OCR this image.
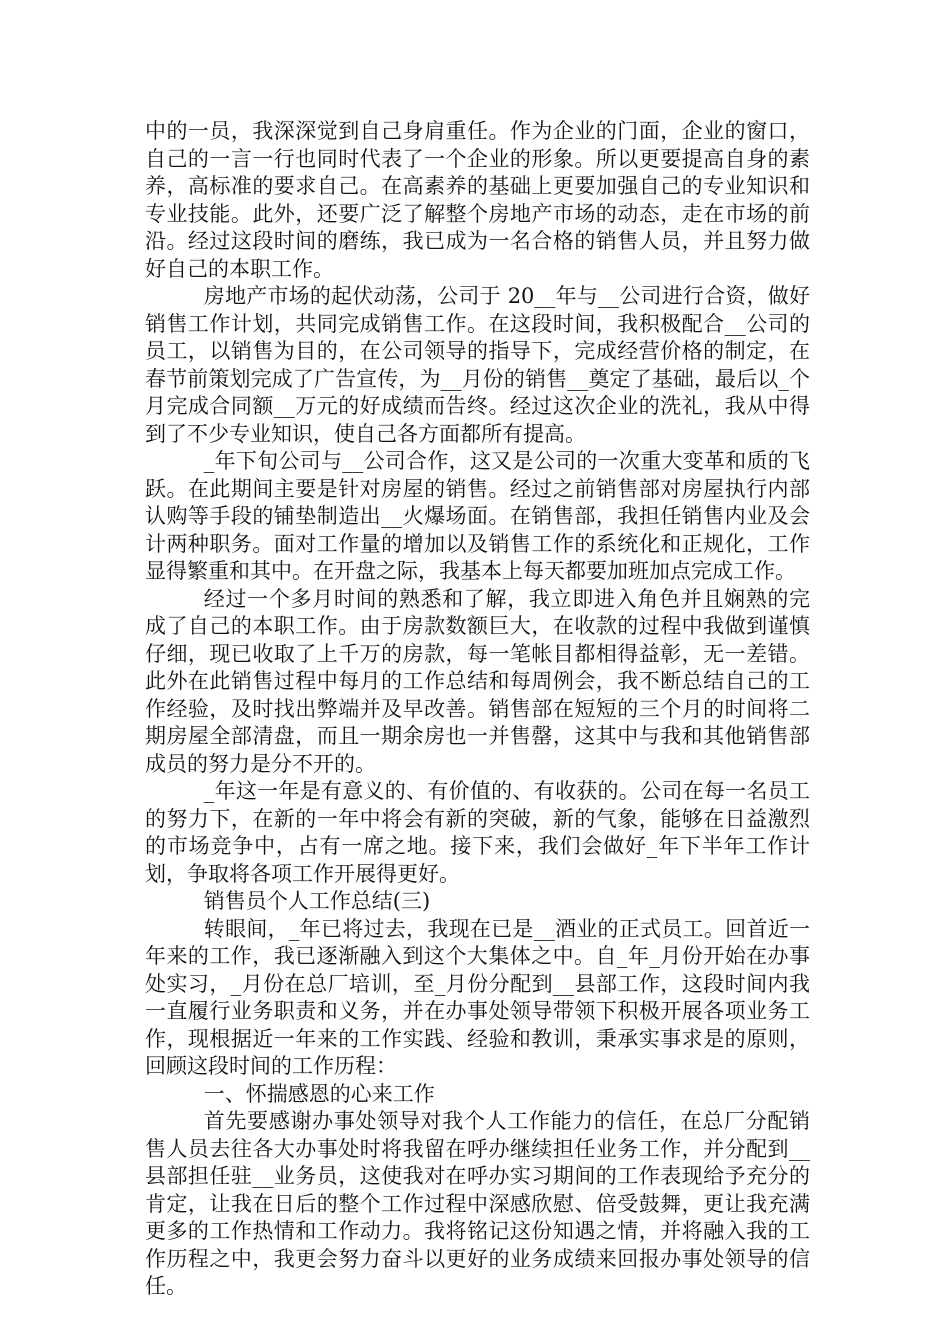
中的一员，我深深觉到自己身肩重任。作为企业的门面，企业的窗口，自己的一言一行也同时代表了一个企业的形象。所以更要提高自身的素养，高标准的要求自己。在高素养的基础上更要加强自己的专业知识和专业技能。此外，还要广泛了解整个房地产市场的动态，走在市场的前沿。经过这段时间的磨练，我已成为一名合格的销售人员，并且努力做好自己的本职工作。

房地产市场的起伏动荡，公司于 20__年与__公司进行合资，做好销售工作计划，共同完成销售工作。在这段时间，我积极配合__公司的员工，以销售为目的，在公司领导的指导下，完成经营价格的制定，在春节前策划完成了广告宣传，为__月份的销售__奠定了基础，最后以_个月完成合同额__万元的好成绩而告终。经过这次企业的洗礼，我从中得到了不少专业知识，使自己各方面都所有提高。

_年下旬公司与__公司合作，这又是公司的一次重大变革和质的飞跃。在此期间主要是针对房屋的销售。经过之前销售部对房屋执行内部认购等手段的铺垫制造出__火爆场面。在销售部，我担任销售内业及会计两种职务。面对工作量的增加以及销售工作的系统化和正规化，工作显得繁重和其中。在开盘之际，我基本上每天都要加班加点完成工作。

经过一个多月时间的熟悉和了解，我立即进入角色并且娴熟的完成了自己的本职工作。由于房款数额巨大，在收款的过程中我做到谨慎仔细，现已收取了上千万的房款，每一笔帐目都相得益彰，无一差错。此外在此销售过程中每月的工作总结和每周例会，我不断总结自己的工作经验，及时找出弊端并及早改善。销售部在短短的三个月的时间将二期房屋全部清盘，而且一期余房也一并售罄，这其中与我和其他销售部成员的努力是分不开的。

_年这一年是有意义的、有价值的、有收获的。公司在每一名员工的努力下，在新的一年中将会有新的突破，新的气象，能够在日益激烈的市场竞争中，占有一席之地。接下来，我们会做好_年下半年工作计划，争取将各项工作开展得更好。

销售员个人工作总结(三)

转眼间，_年已将过去，我现在已是__酒业的正式员工。回首近一年来的工作，我已逐渐融入到这个大集体之中。自_年_月份开始在办事处实习，_月份在总厂培训，至_月份分配到__县部工作，这段时间内我一直履行业务职责和义务，并在办事处领导带领下积极开展各项业务工作，现根据近一年来的工作实践、经验和教训，秉承实事求是的原则，回顾这段时间的工作历程：

一、怀揣感恩的心来工作

首先要感谢办事处领导对我个人工作能力的信任，在总厂分配销售人员去往各大办事处时将我留在呼办继续担任业务工作，并分配到__县部担任驻__业务员，这使我对在呼办实习期间的工作表现给予充分的肯定，让我在日后的整个工作过程中深感欣慰、倍受鼓舞，更让我充满更多的工作热情和工作动力。我将铭记这份知遇之情，并将融入我的工作历程之中，我更会努力奋斗以更好的业务成绩来回报办事处领导的信任。
